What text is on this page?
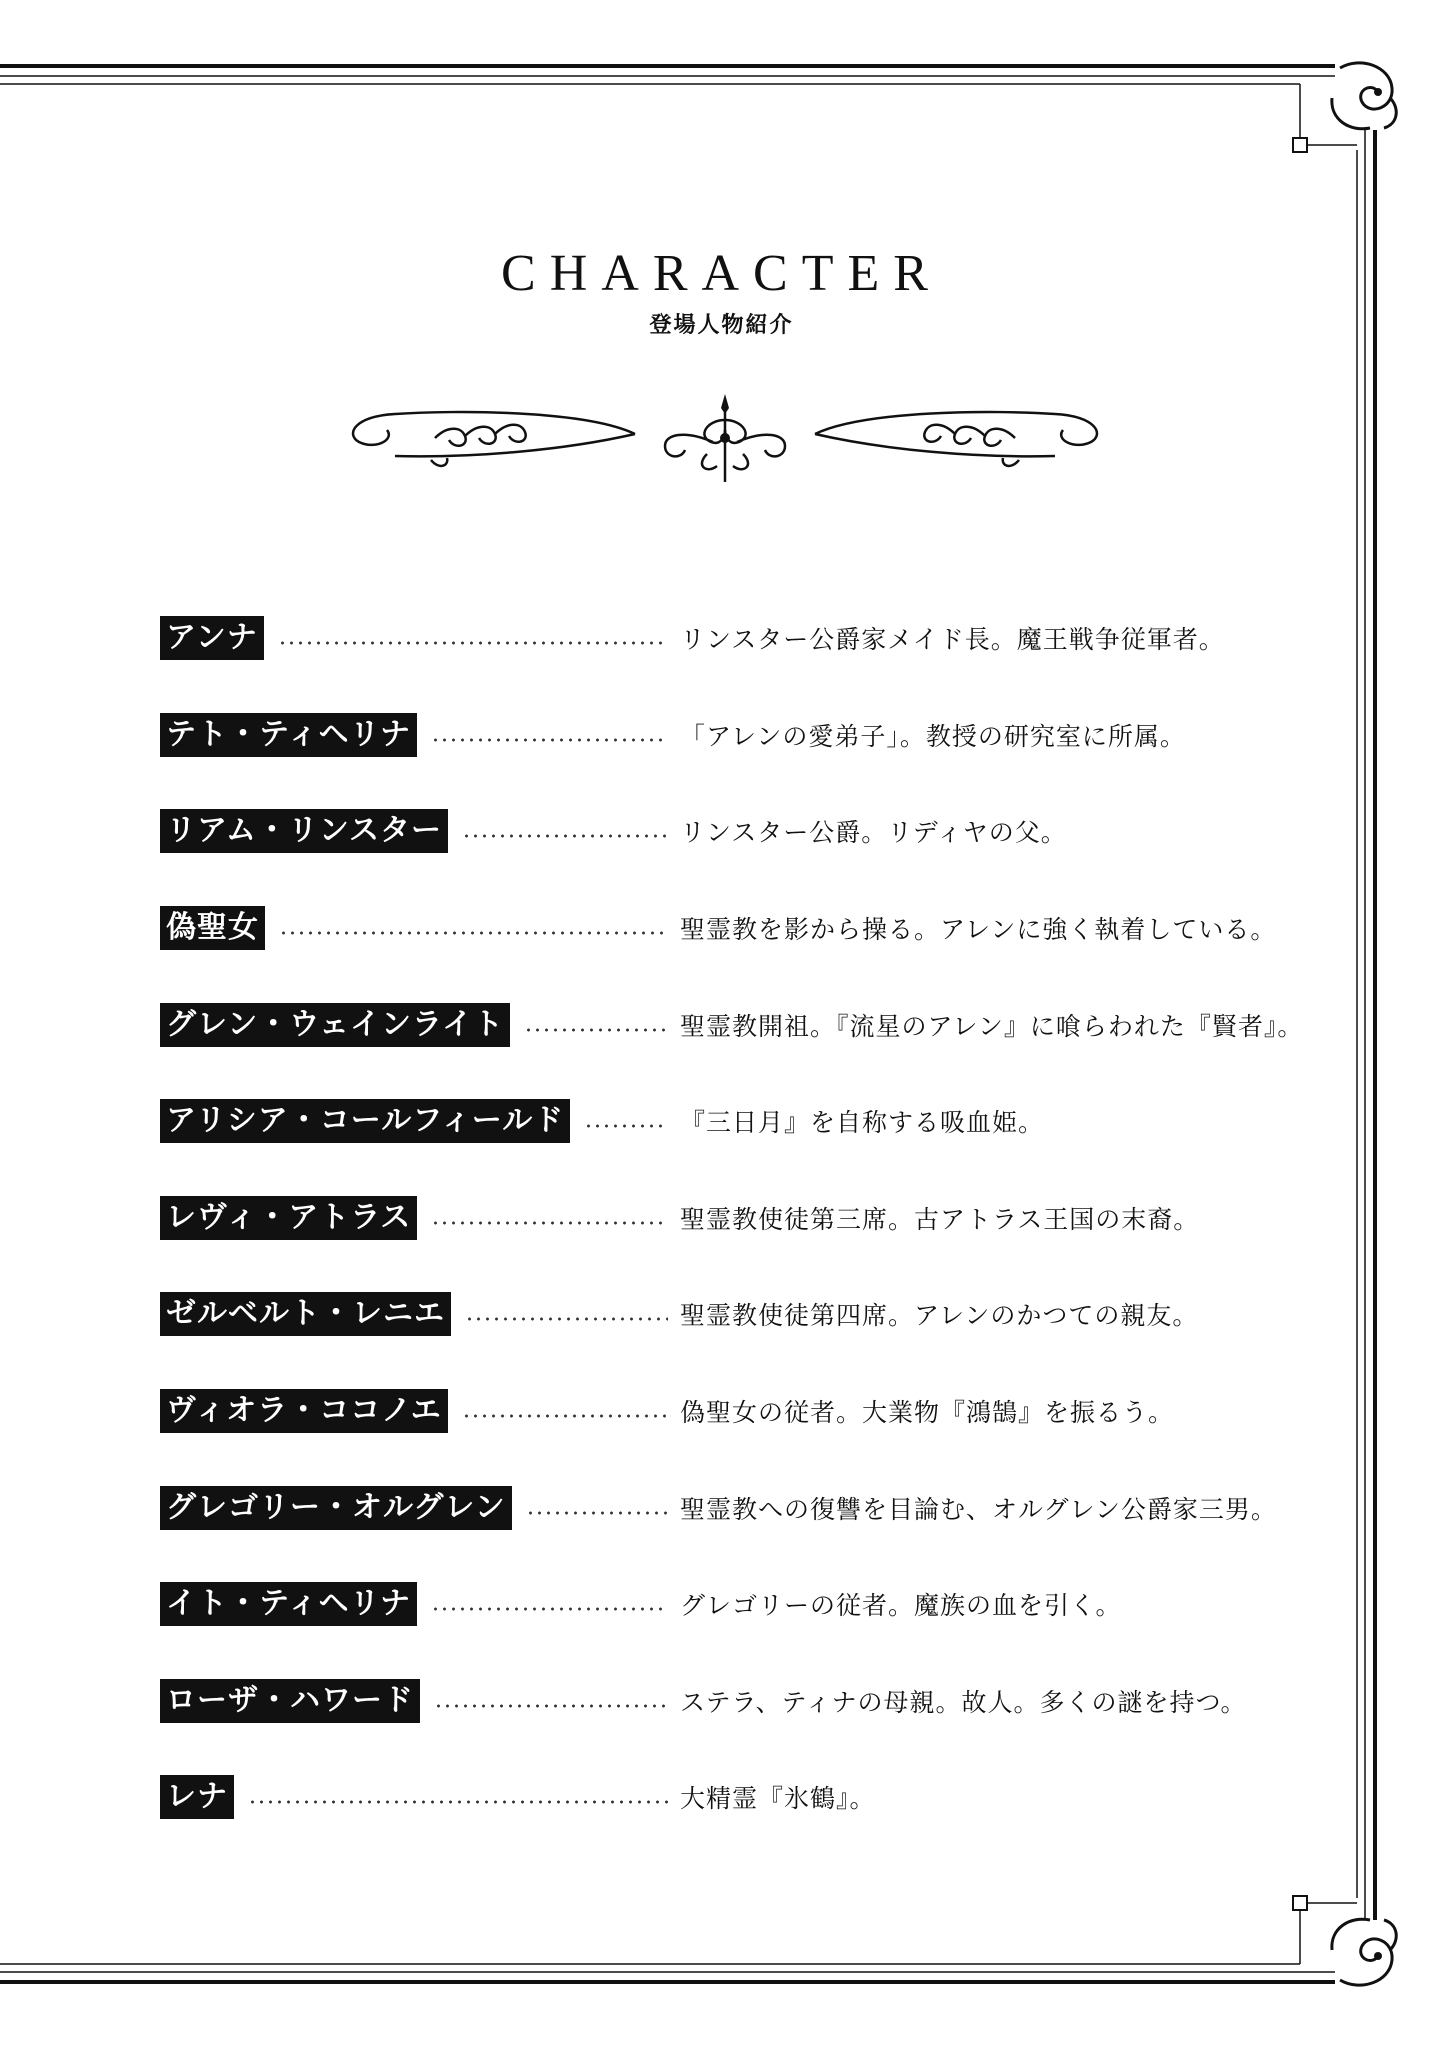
CHARACTER
登場人物紹介
アンナ	リンスター公爵家メイド長。魔王戦争従軍者。
テト・ティヘリナ	「アレンの愛弟子」。教授の研究室に所属。
リアム・リンスター	リンスター公爵。リディヤの父。
偽聖女	聖霊教を影から操る。アレンに強く執着している。
グレン・ウェインライト	聖霊教開祖。『流星のアレン』に喰らわれた『賢者』。
アリシア・コールフィールド	『三日月』を自称する吸血姫。
レヴィ・アトラス	聖霊教使徒第三席。古アトラス王国の末裔。
ゼルベルト・レニエ	聖霊教使徒第四席。アレンのかつての親友。
ヴィオラ・ココノエ	偽聖女の従者。大業物『鴻鵠』を振るう。
グレゴリー・オルグレン	聖霊教への復讐を目論む、オルグレン公爵家三男。
イト・ティヘリナ	グレゴリーの従者。魔族の血を引く。
ローザ・ハワード	ステラ、ティナの母親。故人。多くの謎を持つ。
レナ	大精霊『氷鶴』。
